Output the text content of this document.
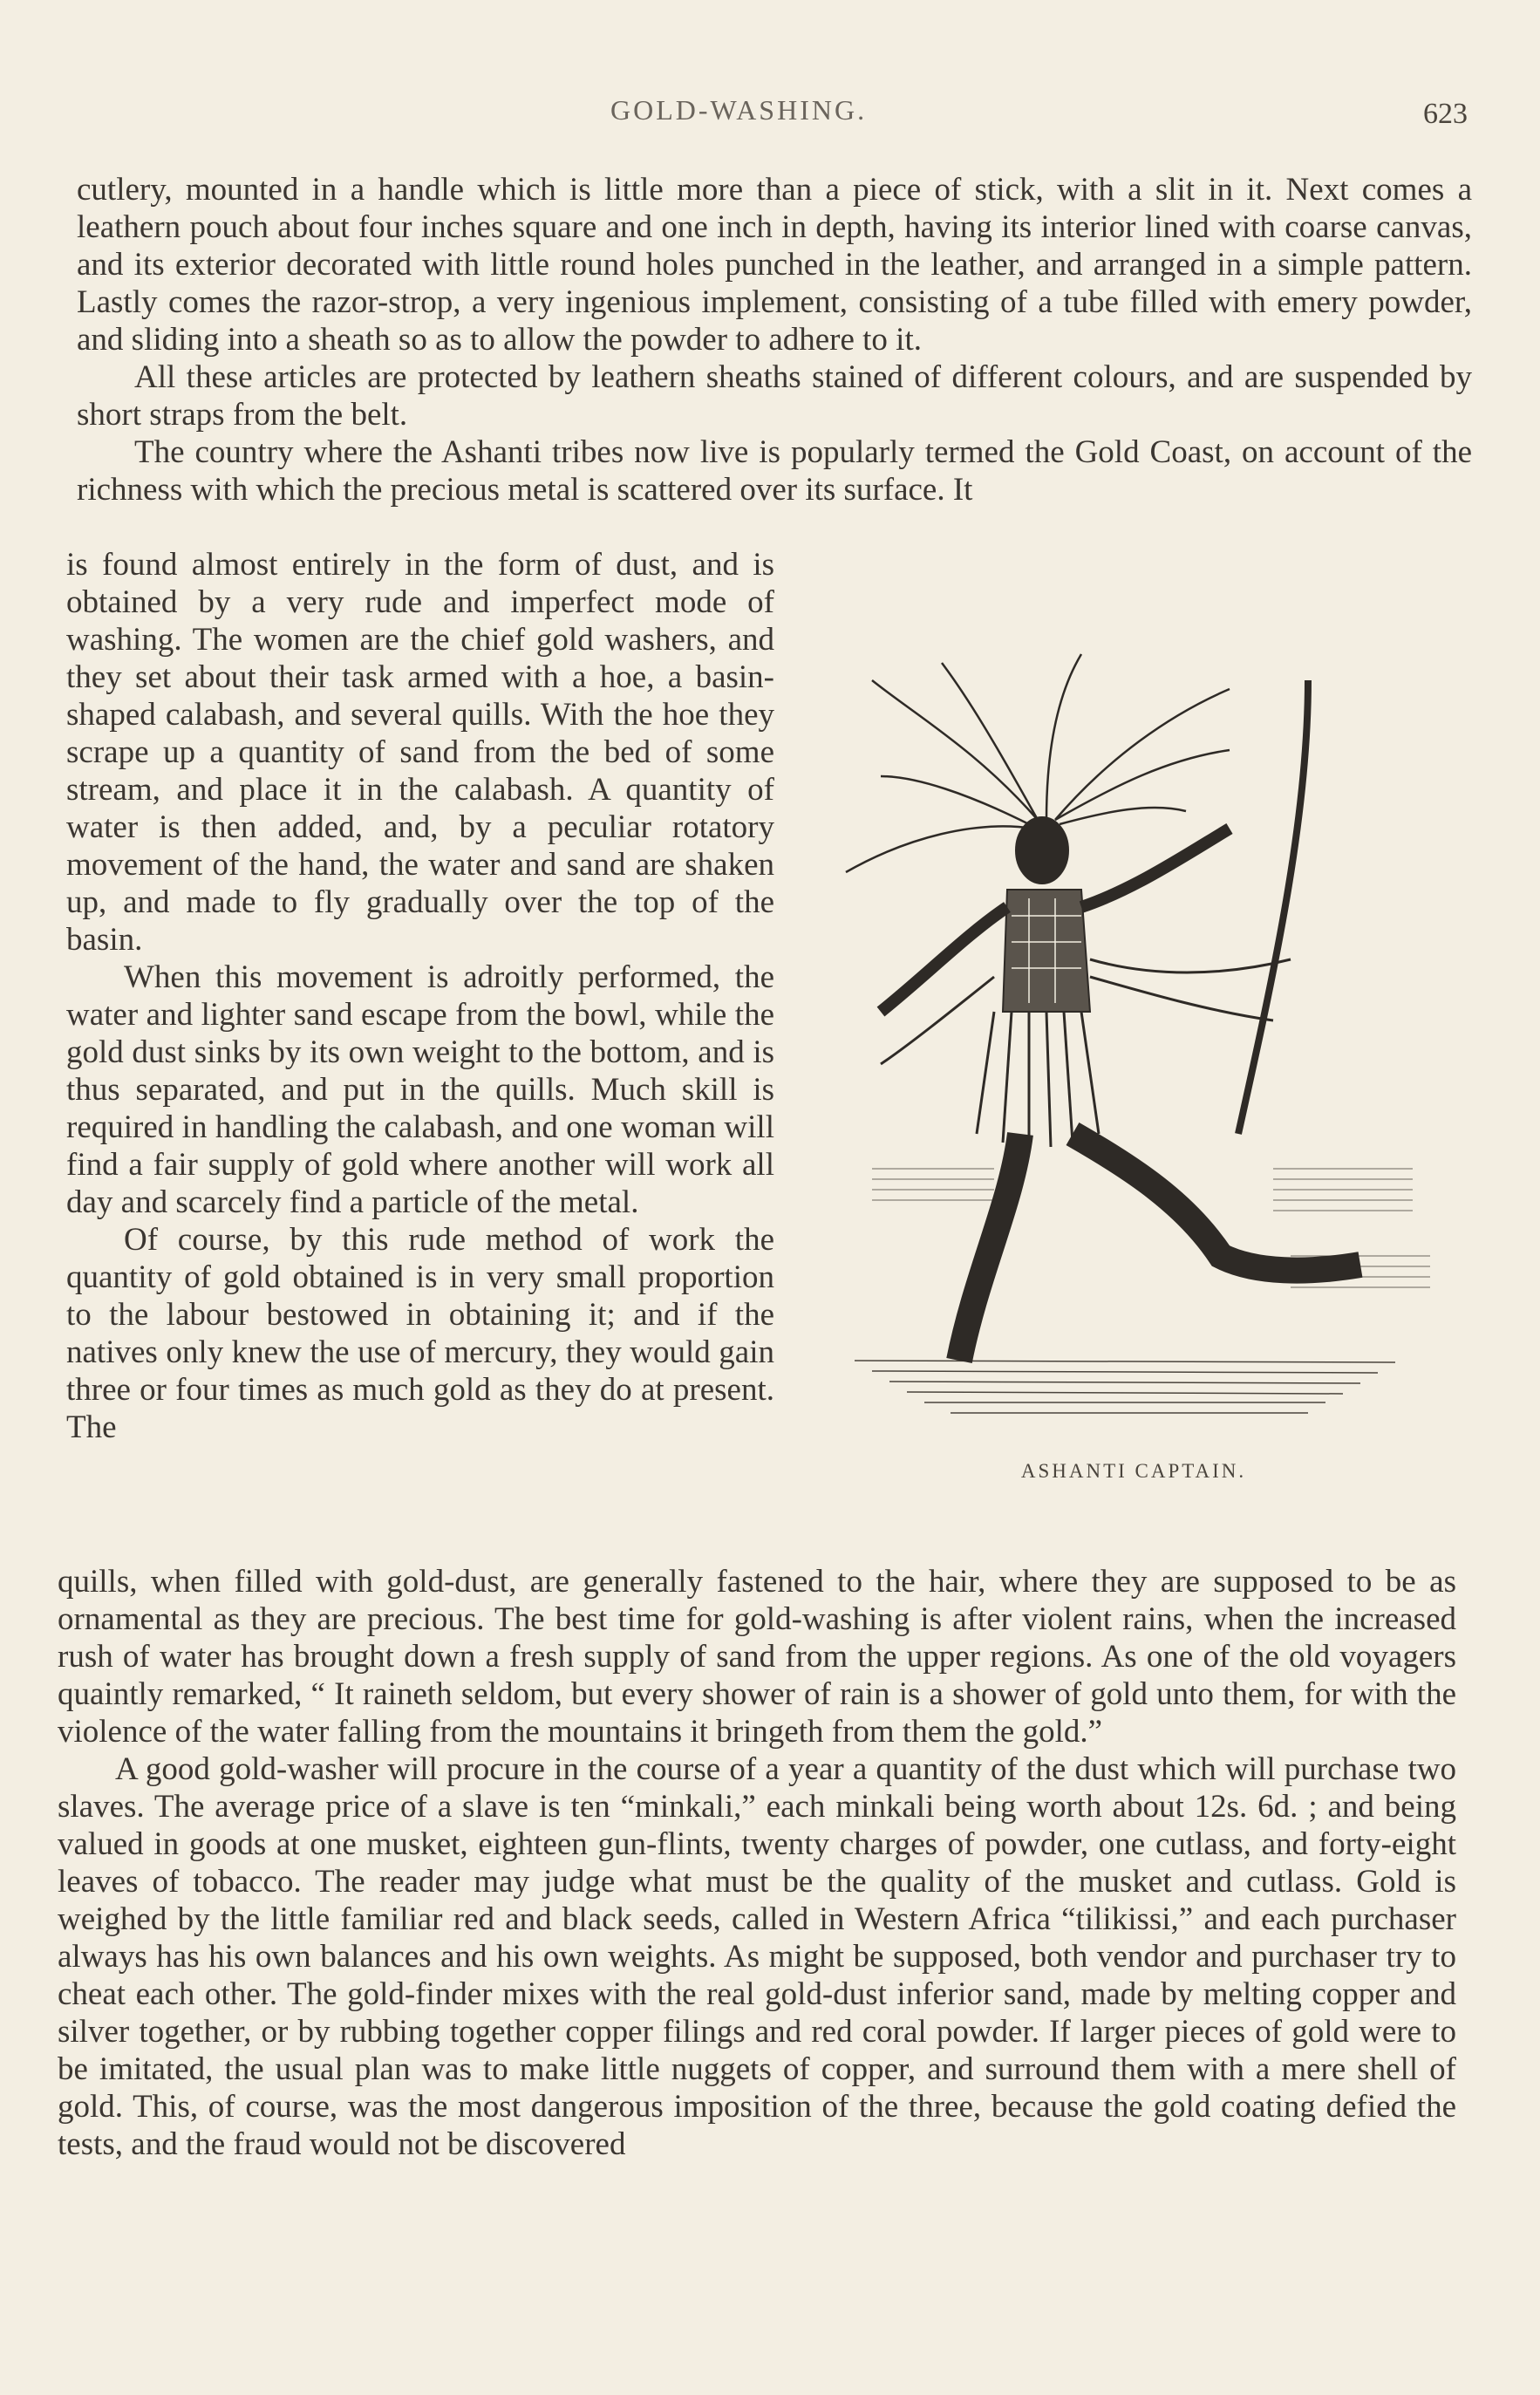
GOLD-WASHING.	623

cutlery, mounted in a handle which is little more than a piece of stick, with a slit in it. Next comes a leathern pouch about four inches square and one inch in depth, having its interior lined with coarse canvas, and its exterior decorated with little round holes punched in the leather, and arranged in a simple pattern. Lastly comes the razor-strop, a very ingenious implement, consisting of a tube filled with emery powder, and sliding into a sheath so as to allow the powder to adhere to it.

All these articles are protected by leathern sheaths stained of different colours, and are suspended by short straps from the belt.

The country where the Ashanti tribes now live is popularly termed the Gold Coast, on account of the richness with which the precious metal is scattered over its surface. It

is found almost entirely in the form of dust, and is obtained by a very rude and imperfect mode of washing. The women are the chief gold washers, and they set about their task armed with a hoe, a basin-shaped calabash, and several quills. With the hoe they scrape up a quantity of sand from the bed of some stream, and place it in the calabash. A quantity of water is then added, and, by a peculiar rotatory movement of the hand, the water and sand are shaken up, and made to fly gradually over the top of the basin.

When this movement is adroitly performed, the water and lighter sand escape from the bowl, while the gold dust sinks by its own weight to the bottom, and is thus separated, and put in the quills. Much skill is required in handling the calabash, and one woman will find a fair supply of gold where another will work all day and scarcely find a particle of the metal.

Of course, by this rude method of work the quantity of gold obtained is in very small proportion to the labour bestowed in obtaining it; and if the natives only knew the use of mercury, they would gain three or four times as much gold as they do at present. The

ASHANTI CAPTAIN.

quills, when filled with gold-dust, are generally fastened to the hair, where they are supposed to be as ornamental as they are precious. The best time for gold-washing is after violent rains, when the increased rush of water has brought down a fresh supply of sand from the upper regions. As one of the old voyagers quaintly remarked, “ It raineth seldom, but every shower of rain is a shower of gold unto them, for with the violence of the water falling from the mountains it bringeth from them the gold.”

A good gold-washer will procure in the course of a year a quantity of the dust which will purchase two slaves. The average price of a slave is ten “minkali,” each minkali being worth about 12s. 6d. ; and being valued in goods at one musket, eighteen gun-flints, twenty charges of powder, one cutlass, and forty-eight leaves of tobacco. The reader may judge what must be the quality of the musket and cutlass. Gold is weighed by the little familiar red and black seeds, called in Western Africa “tilikissi,” and each purchaser always has his own balances and his own weights. As might be supposed, both vendor and purchaser try to cheat each other. The gold-finder mixes with the real gold-dust inferior sand, made by melting copper and silver together, or by rubbing together copper filings and red coral powder. If larger pieces of gold were to be imitated, the usual plan was to make little nuggets of copper, and surround them with a mere shell of gold. This, of course, was the most dangerous imposition of the three, because the gold coating defied the tests, and the fraud would not be discovered
